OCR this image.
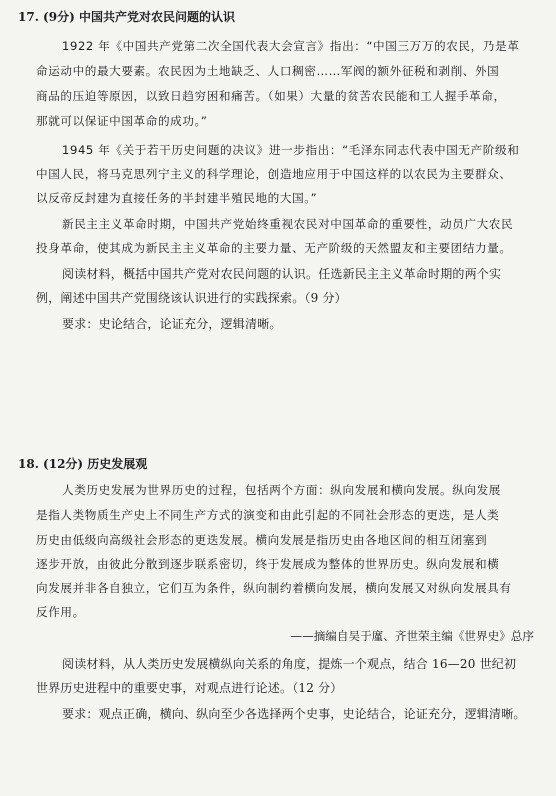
17. (9分) 中国共产党对农民问题的认识
1922 年《中国共产党第二次全国代表大会宣言》指出：“中国三万万的农民，乃是革
命运动中的最大要素。农民因为土地缺乏、人口稠密……军阀的额外征税和剥削、外国
商品的压迫等原因，以致日趋穷困和痛苦。（如果）大量的贫苦农民能和工人握手革命，
那就可以保证中国革命的成功。”
1945 年《关于若干历史问题的决议》进一步指出：“毛泽东同志代表中国无产阶级和
中国人民，将马克思列宁主义的科学理论，创造地应用于中国这样的以农民为主要群众、
以反帝反封建为直接任务的半封建半殖民地的大国。”
新民主主义革命时期，中国共产党始终重视农民对中国革命的重要性，动员广大农民
投身革命，使其成为新民主主义革命的主要力量、无产阶级的天然盟友和主要团结力量。
阅读材料，概括中国共产党对农民问题的认识。任选新民主主义革命时期的两个实
例，阐述中国共产党围绕该认识进行的实践探索。（9 分）
要求：史论结合，论证充分，逻辑清晰。
18. (12分) 历史发展观
人类历史发展为世界历史的过程，包括两个方面：纵向发展和横向发展。纵向发展
是指人类物质生产史上不同生产方式的演变和由此引起的不同社会形态的更迭，是人类
历史由低级向高级社会形态的更迭发展。横向发展是指历史由各地区间的相互闭塞到
逐步开放，由彼此分散到逐步联系密切，终于发展成为整体的世界历史。纵向发展和横
向发展并非各自独立，它们互为条件，纵向制约着横向发展，横向发展又对纵向发展具有
反作用。
——摘编自吴于廑、齐世荣主编《世界史》总序
阅读材料，从人类历史发展横纵向关系的角度，提炼一个观点，结合 16—20 世纪初
世界历史进程中的重要史事，对观点进行论述。（12 分）
要求：观点正确，横向、纵向至少各选择两个史事，史论结合，论证充分，逻辑清晰。
